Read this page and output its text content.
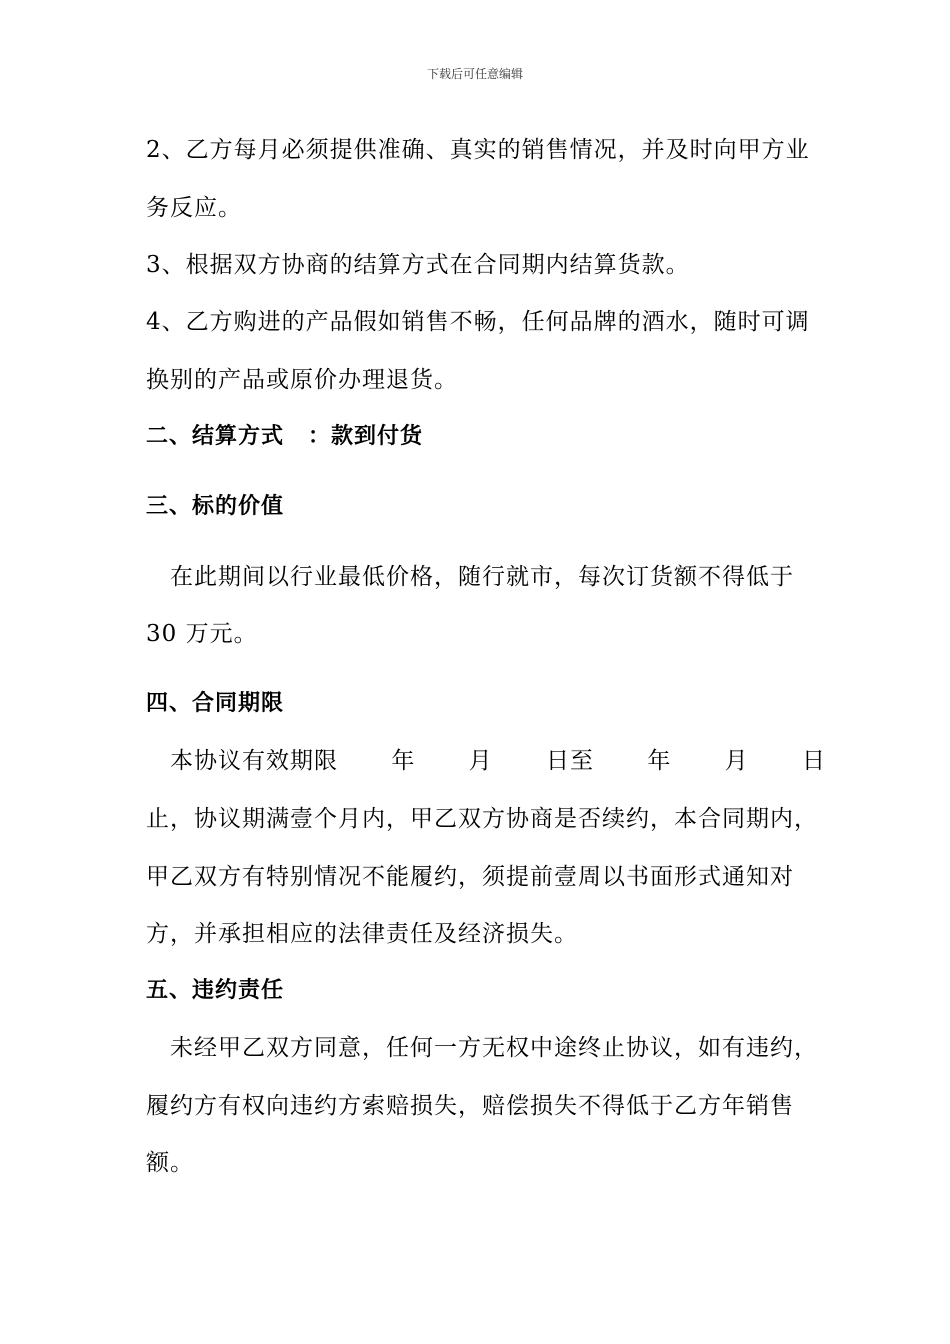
下载后可任意编辑
2、乙方每月必须提供准确、真实的销售情况，并及时向甲方业
务反应。
3、根据双方协商的结算方式在合同期内结算货款。
4、乙方购进的产品假如销售不畅，任何品牌的酒水，随时可调
换别的产品或原价办理退货。
二、结算方式 ：款到付货
三、标的价值
在此期间以行业最低价格，随行就市，每次订货额不得低于
30 万元。
四、合同期限
本协议有效期限 年 月 日至 年 月 日
止，协议期满壹个月内，甲乙双方协商是否续约，本合同期内，
甲乙双方有特别情况不能履约，须提前壹周以书面形式通知对
方，并承担相应的法律责任及经济损失。
五、违约责任
未经甲乙双方同意，任何一方无权中途终止协议，如有违约，
履约方有权向违约方索赔损失，赔偿损失不得低于乙方年销售
额。
